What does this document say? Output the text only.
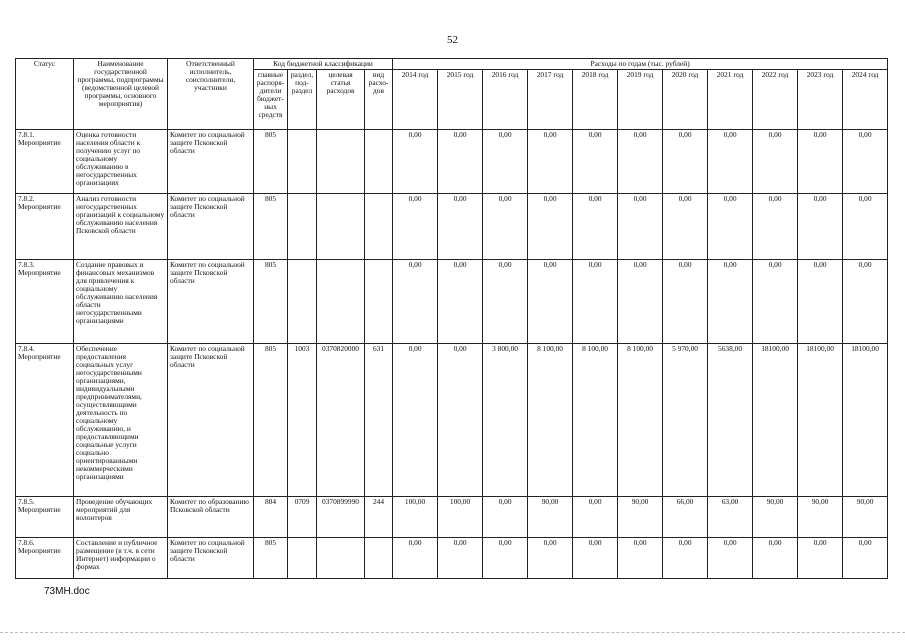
52
Статус	Наименование государственной программы, подпрограммы (ведомственной целевой программы, основного мероприятия)	Ответственный исполнитель, соисполнители, участники	Код бюджетной классификации				Расходы по годам (тыс. рублей)										
			главные распоря-дители бюджет-ных средств	раздел, под-раздел	целевая статья расходов	вид расхо-дов	2014 год	2015 год	2016 год	2017 год	2018 год	2019 год	2020 год	2021 год	2022 год	2023 год	2024 год
7.8.1. Мероприятие	Оценка готовности населения области к получению услуг по социальному обслуживанию в негосударственных организациях	Комитет по социальной защите Псковской области	805				0,00	0,00	0,00	0,00	0,00	0,00	0,00	0,00	0,00	0,00	0,00
7.8.2. Мероприятие	Анализ готовности негосударственных организаций к социальному обслуживанию населения Псковской области	Комитет по социальной защите Псковской области	805				0,00	0,00	0,00	0,00	0,00	0,00	0,00	0,00	0,00	0,00	0,00
7.8.3. Мероприятие	Создание правовых и финансовых механизмов для привлечения к социальному обслуживанию населения области негосударственными организациями	Комитет по социальной защите Псковской области	805				0,00	0,00	0,00	0,00	0,00	0,00	0,00	0,00	0,00	0,00	0,00
7.8.4. Мероприятие	Обеспечение предоставления социальных услуг негосударственными организациями, индивидуальными предпринимателями, осуществляющими деятельность по социальному обслуживанию, и предоставляющими социальные услуги социально ориентированными некоммерческими организациями	Комитет по социальной защите Псковской области	805	1003	0370820000	631	0,00	0,00	3 800,00	8 100,00	8 100,00	8 100,00	5 970,00	5638,00	18100,00	18100,00	18100,00
7.8.5. Мероприятие	Проведение обучающих мероприятий для волонтеров	Комитет по образованию Псковской области	804	0709	0370899990	244	100,00	100,00	0,00	90,00	0,00	90,00	66,00	63,00	90,00	90,00	90,00
7.8.6. Мероприятие	Составление и публичное размещение (в т.ч. в сети Интернет) информации о формах	Комитет по социальной защите Псковской области	805				0,00	0,00	0,00	0,00	0,00	0,00	0,00	0,00	0,00	0,00	0,00
73МН.doc
